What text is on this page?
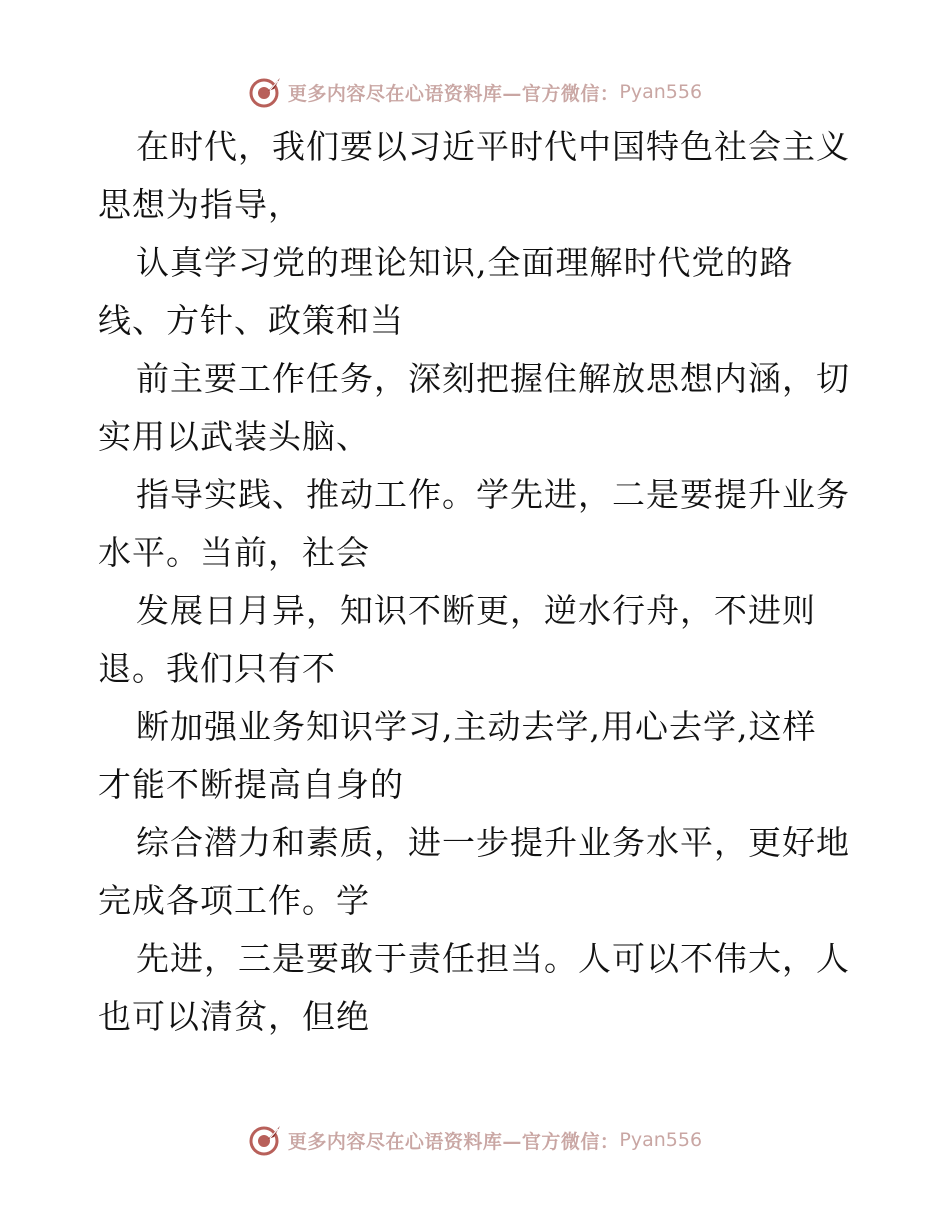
更多内容尽在心语资料库—官方微信： Pyan556

在时代，我们要以习近平时代中国特色社会主义
思想为指导，

认真学习党的理论知识,全面理解时代党的路
线、方针、政策和当

前主要工作任务，深刻把握住解放思想内涵，切
实用以武装头脑、

指导实践、推动工作。学先进，二是要提升业务
水平。当前，社会

发展日月异，知识不断更，逆水行舟，不进则
退。我们只有不

断加强业务知识学习,主动去学,用心去学,这样
才能不断提高自身的

综合潜力和素质，进一步提升业务水平，更好地
完成各项工作。学

先进，三是要敢于责任担当。人可以不伟大，人
也可以清贫，但绝

更多内容尽在心语资料库—官方微信： Pyan556
